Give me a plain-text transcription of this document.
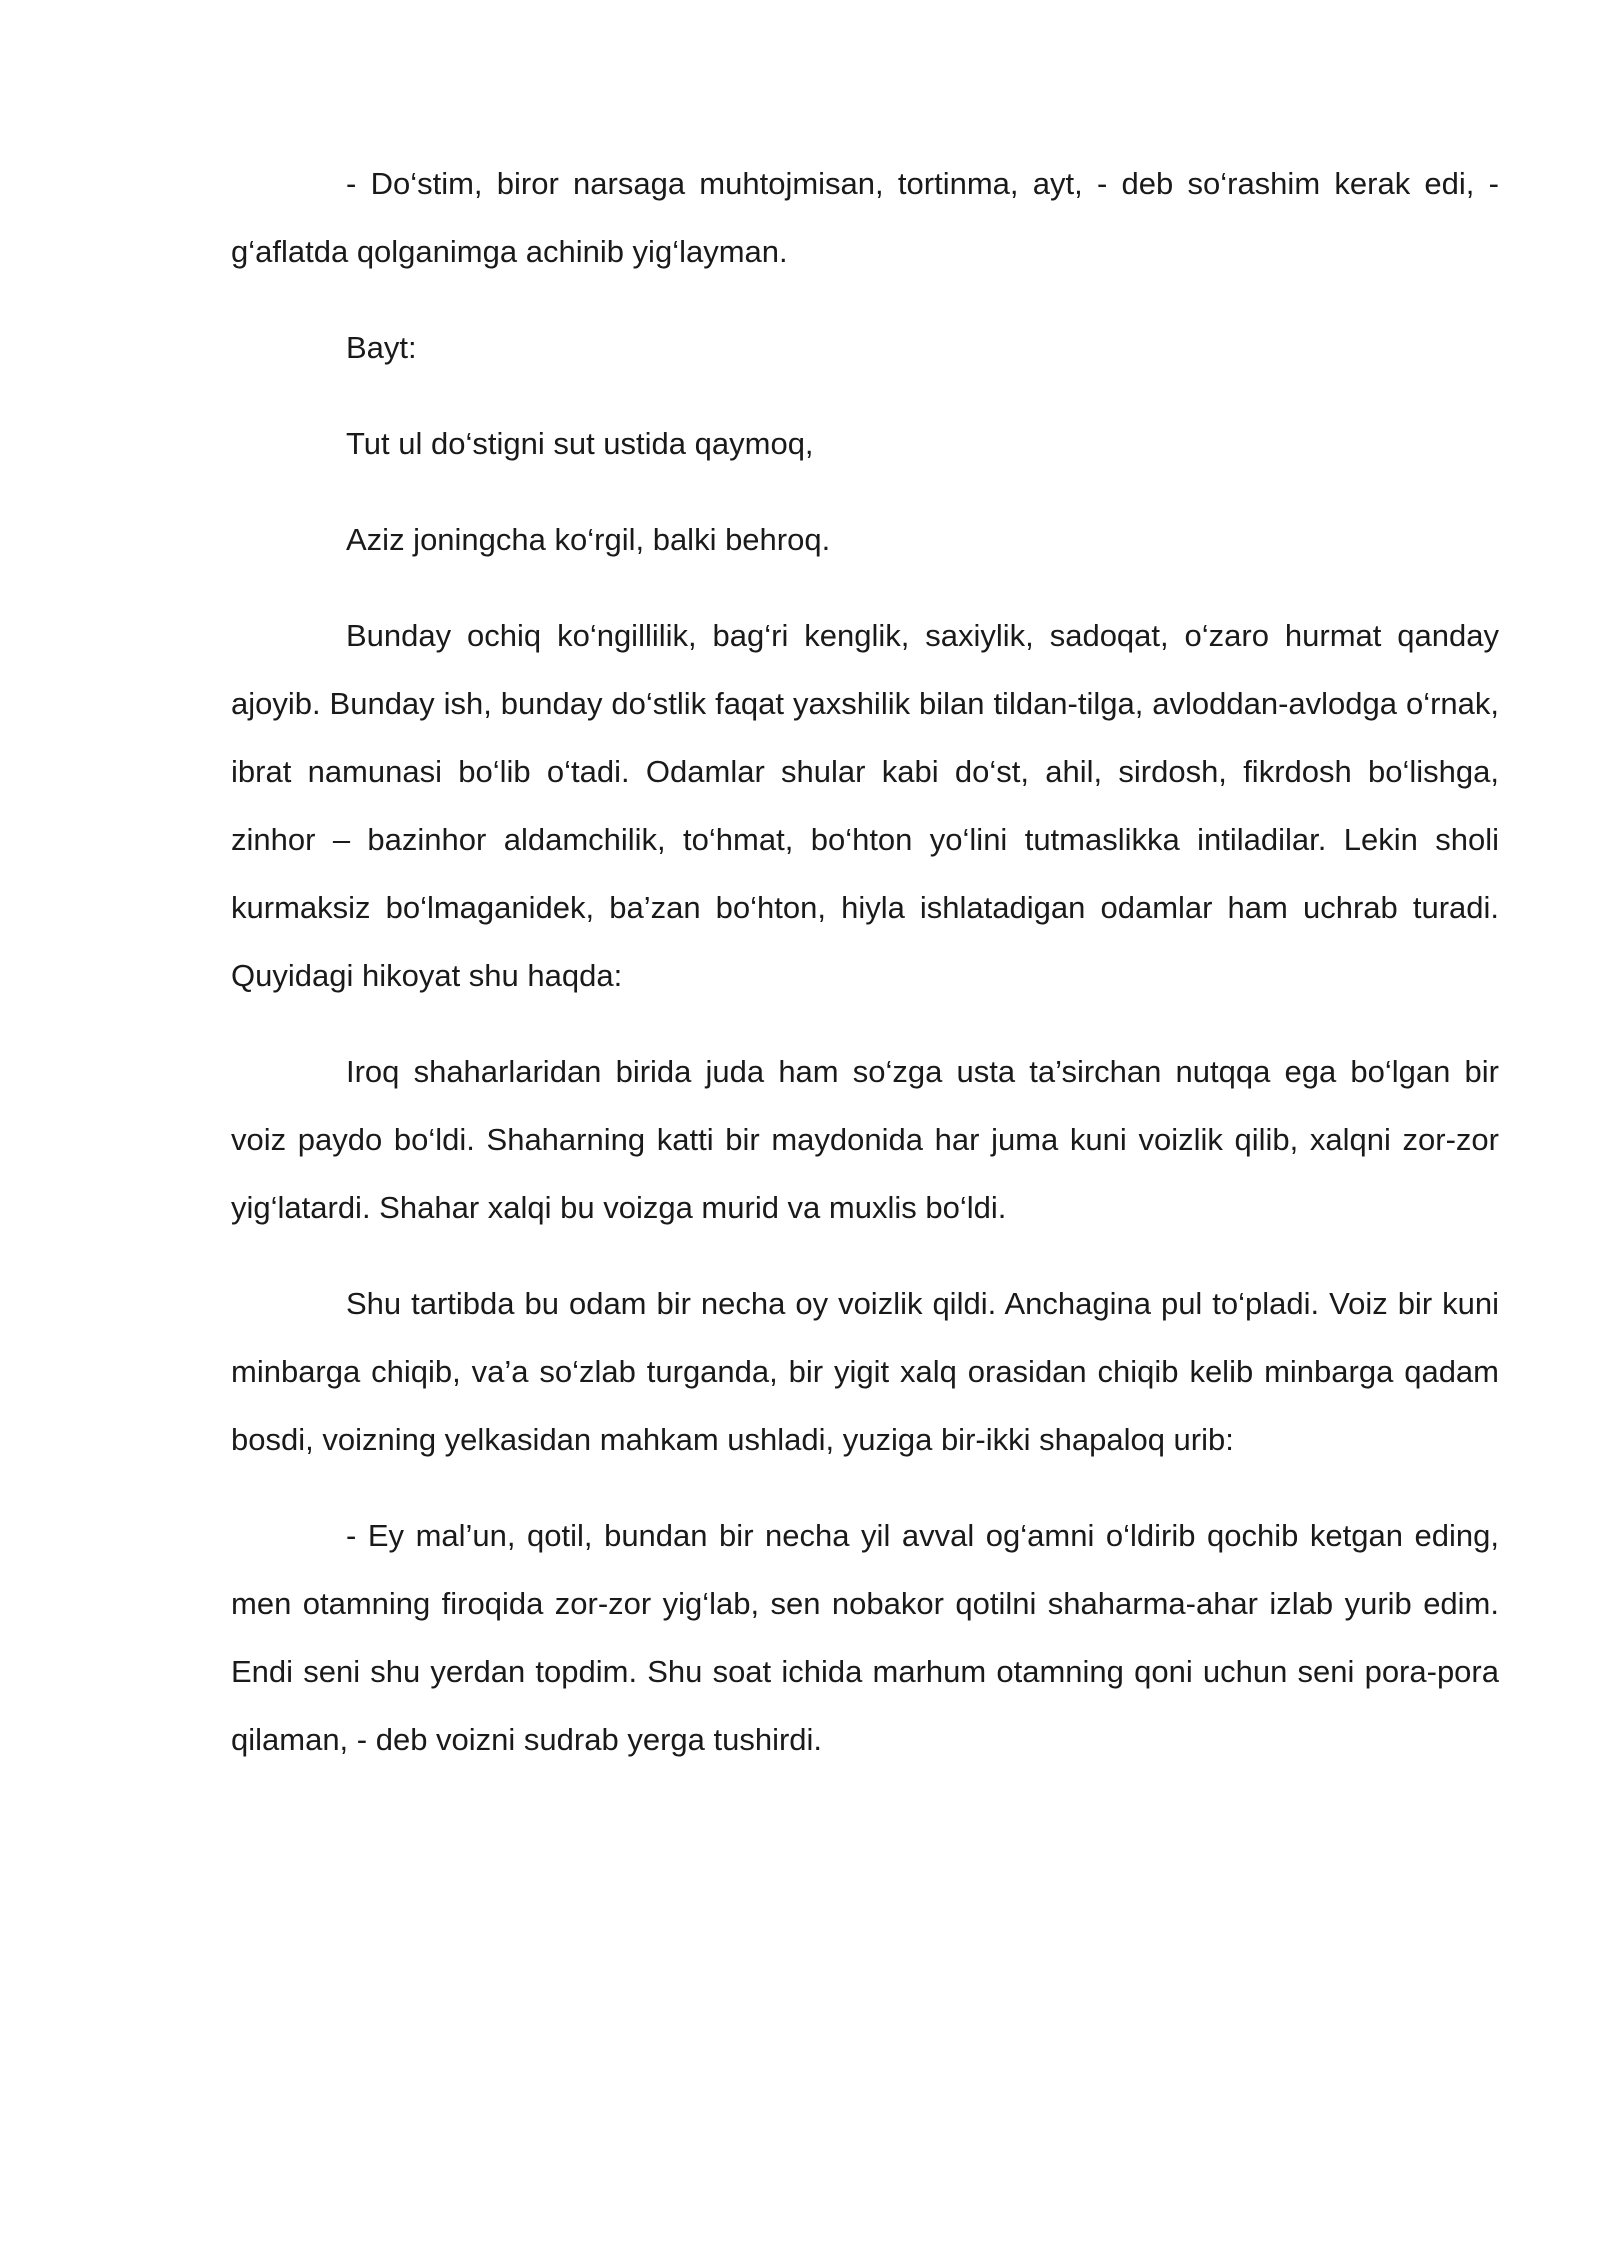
- Do‘stim, biror narsaga muhtojmisan, tortinma, ayt, - deb so‘rashim kerak edi, - g‘aflatda qolganimga achinib yig‘layman.

Bayt:

Tut ul do‘stigni sut ustida qaymoq,

Aziz joningcha ko‘rgil, balki behroq.

Bunday ochiq ko‘ngillilik, bag‘ri kenglik, saxiylik, sadoqat, o‘zaro hurmat qanday ajoyib. Bunday ish, bunday do‘stlik faqat yaxshilik bilan tildan-tilga, avloddan-avlodga o‘rnak, ibrat namunasi bo‘lib o‘tadi. Odamlar shular kabi do‘st, ahil, sirdosh, fikrdosh bo‘lishga, zinhor – bazinhor aldamchilik, to‘hmat, bo‘hton yo‘lini tutmaslikka intiladilar. Lekin sholi kurmaksiz bo‘lmaganidek, ba’zan bo‘hton, hiyla ishlatadigan odamlar ham uchrab turadi. Quyidagi hikoyat shu haqda:

Iroq shaharlaridan birida juda ham so‘zga usta ta’sirchan nutqqa ega bo‘lgan bir voiz paydo bo‘ldi. Shaharning katti bir maydonida har juma kuni voizlik qilib, xalqni zor-zor yig‘latardi. Shahar xalqi bu voizga murid va muxlis bo‘ldi.

Shu tartibda bu odam bir necha oy voizlik qildi. Anchagina pul to‘pladi. Voiz bir kuni minbarga chiqib, va’a so‘zlab turganda, bir yigit xalq orasidan chiqib kelib minbarga qadam bosdi, voizning yelkasidan mahkam ushladi, yuziga bir-ikki shapaloq urib:

- Ey mal’un, qotil, bundan bir necha yil avval og‘amni o‘ldirib qochib ketgan eding, men otamning firoqida zor-zor yig‘lab, sen nobakor qotilni shaharma-ahar izlab yurib edim. Endi seni shu yerdan topdim. Shu soat ichida marhum otamning qoni uchun seni pora-pora qilaman, - deb voizni sudrab yerga tushirdi.
